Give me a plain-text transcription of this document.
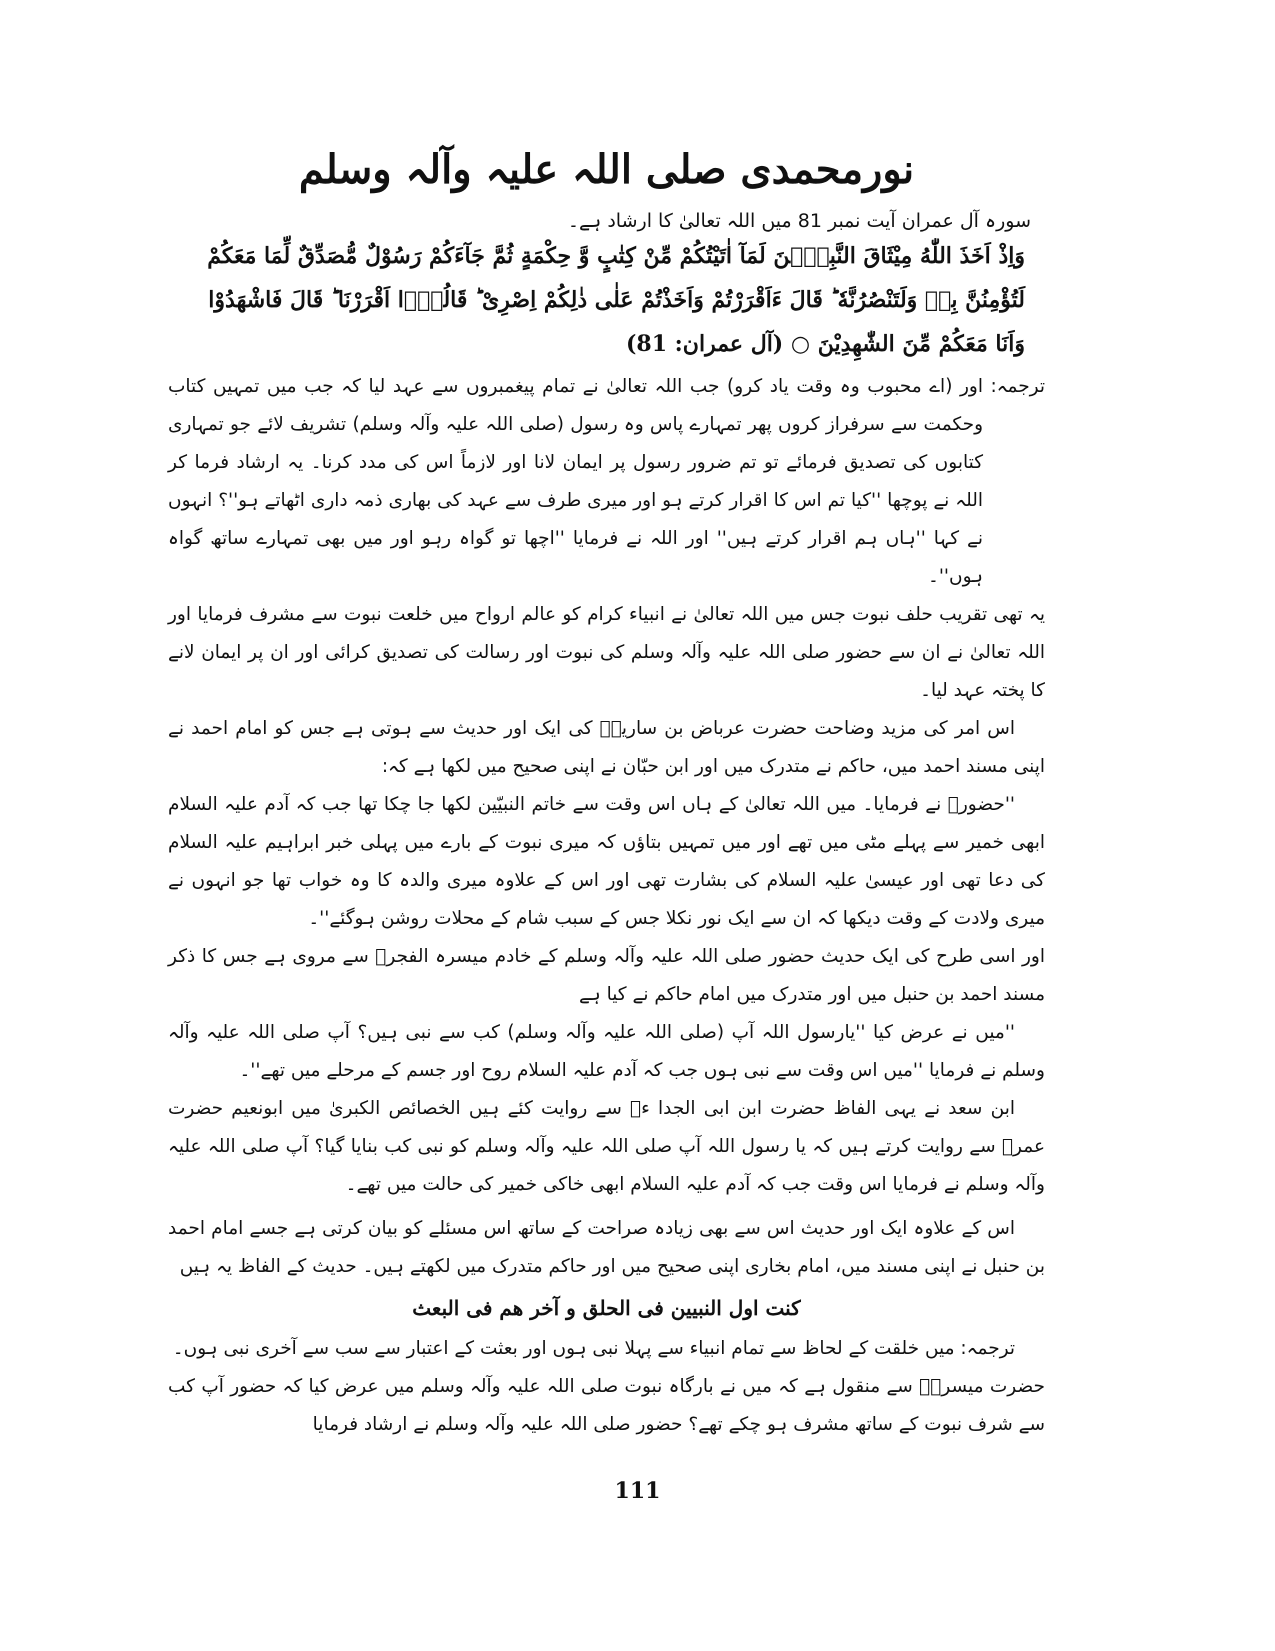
نورمحمدی صلی اللہ علیہ وآلہ وسلم

سورہ آل عمران آیت نمبر 81 میں اللہ تعالیٰ کا ارشاد ہے۔

وَاِذْ اَخَذَ اللّٰهُ مِيْثَاقَ النَّبِيّٖنَ لَمَآ اٰتَيْتُكُمْ مِّنْ كِتٰبٍ وَّ حِكْمَةٍ ثُمَّ جَآءَكُمْ رَسُوْلٌ مُّصَدِّقٌ لِّمَا مَعَكُمْ

لَتُؤْمِنُنَّ بِهٖ وَلَتَنْصُرُنَّهٗ ؕ قَالَ ءَاَقْرَرْتُمْ وَاَخَذْتُمْ عَلٰى ذٰلِكُمْ اِصْرِىْ ؕ قَالُوْۤا اَقْرَرْنَا ؕ قَالَ فَاشْهَدُوْا

وَاَنَا مَعَكُمْ مِّنَ الشّٰهِدِيْنَ ○ (آل عمران: 81)

ترجمہ:
اور (اے محبوب وہ وقت یاد کرو) جب اللہ تعالیٰ نے تمام پیغمبروں سے عہد لیا کہ جب میں تمہیں کتاب وحکمت سے سرفراز کروں پھر تمہارے پاس وہ رسول (صلی اللہ علیہ وآلہ وسلم) تشریف لائے جو تمہاری کتابوں کی تصدیق فرمائے تو تم ضرور رسول پر ایمان لانا اور لازماً اس کی مدد کرنا۔ یہ ارشاد فرما کر اللہ نے پوچھا ''کیا تم اس کا اقرار کرتے ہو اور میری طرف سے عہد کی بھاری ذمہ داری اٹھاتے ہو''؟ انہوں نے کہا ''ہاں ہم اقرار کرتے ہیں'' اور اللہ نے فرمایا ''اچھا تو گواہ رہو اور میں بھی تمہارے ساتھ گواہ ہوں''۔

یہ تھی تقریب حلف نبوت جس میں اللہ تعالیٰ نے انبیاء کرام کو عالم ارواح میں خلعت نبوت سے مشرف فرمایا اور اللہ تعالیٰ نے ان سے حضور صلی اللہ علیہ وآلہ وسلم کی نبوت اور رسالت کی تصدیق کرائی اور ان پر ایمان لانے کا پختہ عہد لیا۔

اس امر کی مزید وضاحت حضرت عرباض بن ساریہؓ کی ایک اور حدیث سے ہوتی ہے جس کو امام احمد نے اپنی مسند احمد میں، حاکم نے متدرک میں اور ابن حبّان نے اپنی صحیح میں لکھا ہے کہ:

''حضورؐ نے فرمایا۔ میں اللہ تعالیٰ کے ہاں اس وقت سے خاتم النبیّین لکھا جا چکا تھا جب کہ آدم علیہ السلام ابھی خمیر سے پہلے مٹی میں تھے اور میں تمہیں بتاؤں کہ میری نبوت کے بارے میں پہلی خبر ابراہیم علیہ السلام کی دعا تھی اور عیسیٰ علیہ السلام کی بشارت تھی اور اس کے علاوہ میری والدہ کا وہ خواب تھا جو انہوں نے میری ولادت کے وقت دیکھا کہ ان سے ایک نور نکلا جس کے سبب شام کے محلات روشن ہوگئے''۔

اور اسی طرح کی ایک حدیث حضور صلی اللہ علیہ وآلہ وسلم کے خادم میسرہ الفجرؓ سے مروی ہے جس کا ذکر مسند احمد بن حنبل میں اور متدرک میں امام حاکم نے کیا ہے

''میں نے عرض کیا ''یارسول اللہ آپ (صلی اللہ علیہ وآلہ وسلم) کب سے نبی ہیں؟ آپ صلی اللہ علیہ وآلہ وسلم نے فرمایا ''میں اس وقت سے نبی ہوں جب کہ آدم علیہ السلام روح اور جسم کے مرحلے میں تھے''۔

ابن سعد نے یہی الفاظ حضرت ابن ابی الجدا ءؓ سے روایت کئے ہیں الخصائص الکبریٰ میں ابونعیم حضرت عمرؓ سے روایت کرتے ہیں کہ یا رسول اللہ آپ صلی اللہ علیہ وآلہ وسلم کو نبی کب بنایا گیا؟ آپ صلی اللہ علیہ وآلہ وسلم نے فرمایا اس وقت جب کہ آدم علیہ السلام ابھی خاکی خمیر کی حالت میں تھے۔

اس کے علاوہ ایک اور حدیث اس سے بھی زیادہ صراحت کے ساتھ اس مسئلے کو بیان کرتی ہے جسے امام احمد بن حنبل نے اپنی مسند میں، امام بخاری اپنی صحیح میں اور حاکم متدرک میں لکھتے ہیں۔ حدیث کے الفاظ یہ ہیں

كنت اول النبيين فى الحلق و آخر هم فى البعث

ترجمہ: میں خلقت کے لحاظ سے تمام انبیاء سے پہلا نبی ہوں اور بعثت کے اعتبار سے سب سے آخری نبی ہوں۔

حضرت میسرہؓ سے منقول ہے کہ میں نے بارگاہ نبوت صلی اللہ علیہ وآلہ وسلم میں عرض کیا کہ حضور آپ کب سے شرف نبوت کے ساتھ مشرف ہو چکے تھے؟ حضور صلی اللہ علیہ وآلہ وسلم نے ارشاد فرمایا

111
